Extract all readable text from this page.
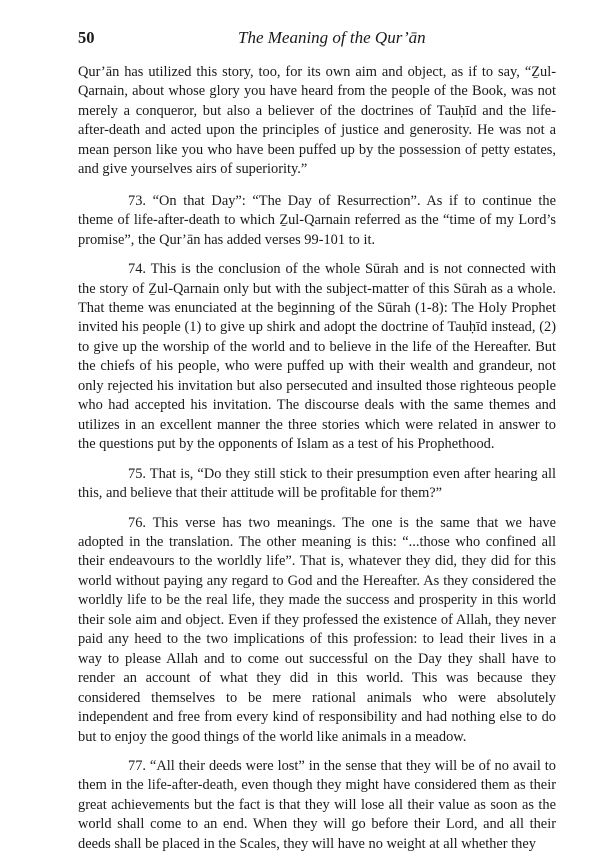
50	The Meaning of the Qur’ān

Qur’ān has utilized this story, too, for its own aim and object, as if to say, “Ẕul-Qarnain, about whose glory you have heard from the people of the Book, was not merely a conqueror, but also a believer of the doctrines of Tauḥīd and the life-after-death and acted upon the principles of justice and generosity. He was not a mean person like you who have been puffed up by the possession of petty estates, and give yourselves airs of superiority.”

73. “On that Day”: “The Day of Resurrection”. As if to continue the theme of life-after-death to which Ẕul-Qarnain referred as the “time of my Lord’s promise”, the Qur’ān has added verses 99-101 to it.

74. This is the conclusion of the whole Sūrah and is not connected with the story of Ẕul-Qarnain only but with the subject-matter of this Sūrah as a whole. That theme was enunciated at the beginning of the Sūrah (1-8): The Holy Prophet invited his people (1) to give up shirk and adopt the doctrine of Tauḥīd instead, (2) to give up the worship of the world and to believe in the life of the Hereafter. But the chiefs of his people, who were puffed up with their wealth and grandeur, not only rejected his invitation but also persecuted and insulted those righteous people who had accepted his invitation. The discourse deals with the same themes and utilizes in an excellent manner the three stories which were related in answer to the questions put by the opponents of Islam as a test of his Prophethood.

75. That is, “Do they still stick to their presumption even after hearing all this, and believe that their attitude will be profitable for them?”

76. This verse has two meanings. The one is the same that we have adopted in the translation. The other meaning is this: “...those who confined all their endeavours to the worldly life”. That is, whatever they did, they did for this world without paying any regard to God and the Hereafter. As they considered the worldly life to be the real life, they made the success and prosperity in this world their sole aim and object. Even if they professed the existence of Allah, they never paid any heed to the two implications of this profession: to lead their lives in a way to please Allah and to come out successful on the Day they shall have to render an account of what they did in this world. This was because they considered themselves to be mere rational animals who were absolutely independent and free from every kind of responsibility and had nothing else to do but to enjoy the good things of the world like animals in a meadow.

77. “All their deeds were lost” in the sense that they will be of no avail to them in the life-after-death, even though they might have considered them as their great achievements but the fact is that they will lose all their value as soon as the world shall come to an end. When they will go before their Lord, and all their deeds shall be placed in the Scales, they will have no weight at all whether they
